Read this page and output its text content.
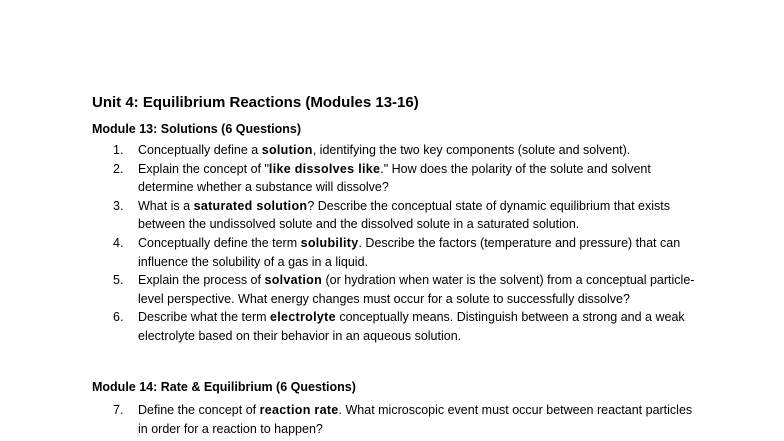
Unit 4: Equilibrium Reactions (Modules 13-16)
Module 13: Solutions (6 Questions)
1.	Conceptually define a solution, identifying the two key components (solute and solvent).
2.	Explain the concept of "like dissolves like." How does the polarity of the solute and solvent determine whether a substance will dissolve?
3.	What is a saturated solution? Describe the conceptual state of dynamic equilibrium that exists between the undissolved solute and the dissolved solute in a saturated solution.
4.	Conceptually define the term solubility. Describe the factors (temperature and pressure) that can influence the solubility of a gas in a liquid.
5.	Explain the process of solvation (or hydration when water is the solvent) from a conceptual particle-level perspective. What energy changes must occur for a solute to successfully dissolve?
6.	Describe what the term electrolyte conceptually means. Distinguish between a strong and a weak electrolyte based on their behavior in an aqueous solution.
Module 14: Rate & Equilibrium (6 Questions)
7.	Define the concept of reaction rate. What microscopic event must occur between reactant particles in order for a reaction to happen?
